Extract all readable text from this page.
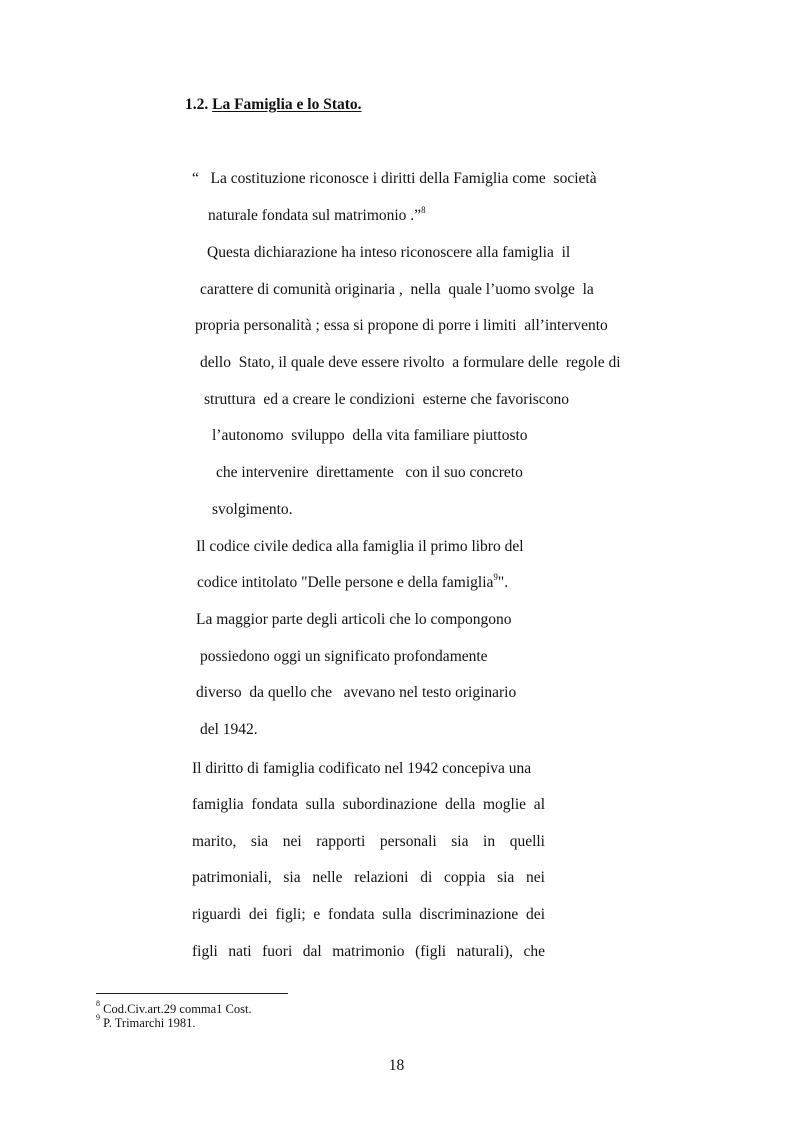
1.2. La Famiglia e lo Stato.
“   La costituzione riconosce i diritti della Famiglia come  società
naturale fondata sul matrimonio .”$^8$
Questa dichiarazione ha inteso riconoscere alla famiglia  il
carattere di comunità originaria ,  nella  quale l’uomo svolge  la
propria personalità ; essa si propone di porre i limiti  all’intervento
dello  Stato, il quale deve essere rivolto  a formulare delle  regole di
struttura  ed a creare le condizioni  esterne che favoriscono
l’autonomo  sviluppo  della vita familiare piuttosto
che intervenire  direttamente   con il suo concreto
svolgimento.
Il codice civile dedica alla famiglia il primo libro del
codice intitolato "Delle persone e della famiglia$^9$".
La maggior parte degli articoli che lo compongono
possiedono oggi un significato profondamente
diverso  da quello che   avevano nel testo originario
del 1942.
Il diritto di famiglia codificato nel 1942 concepiva una
famiglia fondata sulla subordinazione della moglie al
marito, sia nei rapporti personali sia in quelli
patrimoniali, sia nelle relazioni di coppia sia nei
riguardi dei figli; e fondata sulla discriminazione dei
figli nati fuori dal matrimonio (figli naturali), che
$^8$ Cod.Civ.art.29 comma1 Cost.
$^9$ P. Trimarchi 1981.
18
